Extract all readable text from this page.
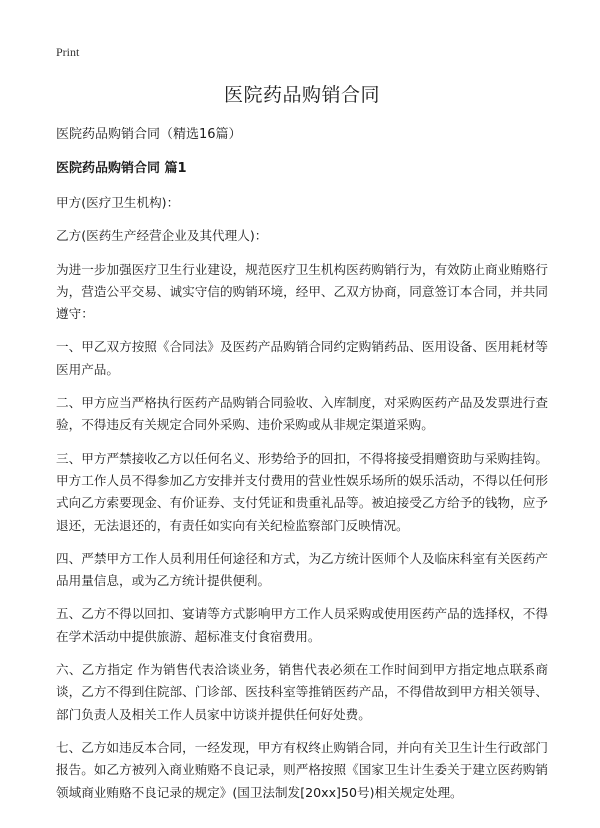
Print
医院药品购销合同
医院药品购销合同（精选16篇）
医院药品购销合同 篇1

甲方(医疗卫生机构)：

乙方(医药生产经营企业及其代理人)：

为进一步加强医疗卫生行业建设，规范医疗卫生机构医药购销行为，有效防止商业贿赂行为，营造公平交易、诚实守信的购销环境，经甲、乙双方协商，同意签订本合同，并共同遵守：

一、甲乙双方按照《合同法》及医药产品购销合同约定购销药品、医用设备、医用耗材等医用产品。

二、甲方应当严格执行医药产品购销合同验收、入库制度，对采购医药产品及发票进行查验，不得违反有关规定合同外采购、违价采购或从非规定渠道采购。

三、甲方严禁接收乙方以任何名义、形势给予的回扣，不得将接受捐赠资助与采购挂钩。甲方工作人员不得参加乙方安排并支付费用的营业性娱乐场所的娱乐活动，不得以任何形式向乙方索要现金、有价证券、支付凭证和贵重礼品等。被迫接受乙方给予的钱物，应予退还，无法退还的，有责任如实向有关纪检监察部门反映情况。

四、严禁甲方工作人员利用任何途径和方式，为乙方统计医师个人及临床科室有关医药产品用量信息，或为乙方统计提供便利。

五、乙方不得以回扣、宴请等方式影响甲方工作人员采购或使用医药产品的选择权，不得在学术活动中提供旅游、超标准支付食宿费用。

六、乙方指定 作为销售代表洽谈业务，销售代表必须在工作时间到甲方指定地点联系商谈，乙方不得到住院部、门诊部、医技科室等推销医药产品，不得借故到甲方相关领导、部门负责人及相关工作人员家中访谈并提供任何好处费。

七、乙方如违反本合同，一经发现，甲方有权终止购销合同，并向有关卫生计生行政部门报告。如乙方被列入商业贿赂不良记录，则严格按照《国家卫生计生委关于建立医药购销领域商业贿赂不良记录的规定》(国卫法制发[20xx]50号)相关规定处理。
